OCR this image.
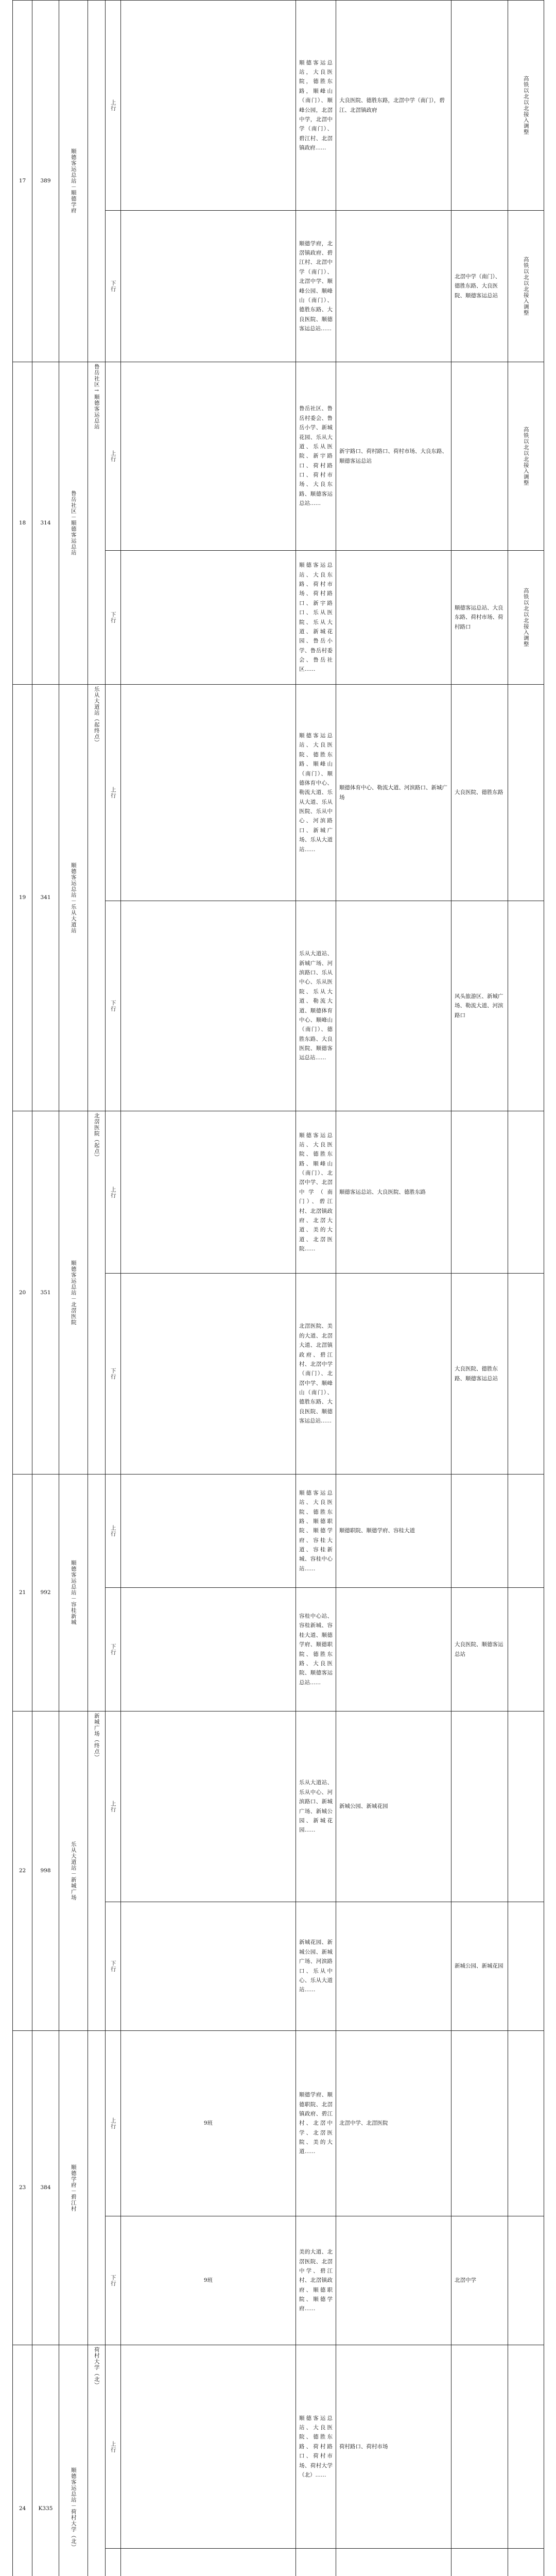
17	389	顺德客运总站－顺德学府		上行		顺德客运总站，大良医院，德胜东路，顺峰山（南门）、顺峰公园，北滘中学，北滘中学（南门）、碧江村、北滘镇政府……	大良医院、德胜东路，北滘中学（南门），碧江、北滘镇政府		高铁以北以北接入调整
				下行		顺德学府，北滘镇政府、碧江村、北滘中学（南门）、北滘中学、顺峰公园、顺峰山（南门）、德胜东路、大良医院、顺德客运总站……		北滘中学（南门）、德胜东路、大良医院、顺德客运总站	高铁以北以北接入调整
18	314	鲁岳社区－顺德客运总站	鲁岳社区→顺德客运总站	上行		鲁岳社区、鲁岳村委会、鲁岳小学、新城花园、乐从大道、乐从医院、新宇路口、荷村路口、荷村市场、大良东路、顺德客运总站……	新宇路口、荷村路口、荷村市场、大良东路、顺德客运总站		高铁以北以北接入调整
				下行		顺德客运总站、大良东路、荷村市场、荷村路口、新宇路口、乐从医院、乐从大道、新城花园、鲁岳小学、鲁岳村委会、鲁岳社区……		顺德客运总站、大良东路、荷村市场、荷村路口	高铁以北以北接入调整
19	341	顺德客运总站－乐从大道站	乐从大道站（起终点）	上行		顺德客运总站、大良医院、德胜东路、顺峰山（南门）、顺德体育中心、勒流大道、乐从大道、乐从医院、乐从中心、河滨路口、新城广场、乐从大道站……	顺德体育中心、勒流大道、河滨路口、新城广场	大良医院、德胜东路	
				下行		乐从大道站、新城广场、河滨路口、乐从中心、乐从医院、乐从大道、勒流大道、顺德体育中心、顺峰山（南门）、德胜东路、大良医院、顺德客运总站……		风头旅游区、新城广场、勒流大道、河滨路口	
20	351	顺德客运总站－北滘医院	北滘医院（起点）	上行		顺德客运总站、大良医院、德胜东路、顺峰山（南门）、北滘中学、北滘中学（南门）、碧江村、北滘镇政府、北滘大道、美的大道、北滘医院……	顺德客运总站、大良医院、德胜东路		
				下行		北滘医院、美的大道、北滘大道、北滘镇政府、碧江村、北滘中学（南门）、北滘中学、顺峰山（南门）、德胜东路、大良医院、顺德客运总站……		大良医院、德胜东路、顺德客运总站	
21	992	顺德客运总站－容桂新城		上行		顺德客运总站、大良医院、德胜东路、顺德职院、顺德学府、容桂大道、容桂新城、容桂中心站……	顺德职院、顺德学府、容桂大道		
				下行		容桂中心站、容桂新城、容桂大道、顺德学府、顺德职院、德胜东路、大良医院、顺德客运总站……		大良医院、顺德客运总站	
22	998	乐从大道站－新城广场	新城广场（终点）	上行		乐从大道站、乐从中心、河滨路口、新城广场、新城公园、新城花园……	新城公园、新城花园		
				下行		新城花园、新城公园、新城广场、河滨路口、乐从中心、乐从大道站……		新城公园、新城花园	
23	384	顺德学府－碧江村		上行	9班	顺德学府、顺德职院、北滘镇政府、碧江村、北滘中学、北滘医院、美的大道……	北滘中学、北滘医院		
				下行	9班	美的大道、北滘医院、北滘中学、碧江村、北滘镇政府、顺德职院、顺德学府……		北滘中学	
24	K335	顺德客运总站－荷村大学（北）	荷村大学（北）	上行		顺德客运总站、大良医院、德胜东路、荷村路口、荷村市场、荷村大学（北）……	荷村路口、荷村市场		
